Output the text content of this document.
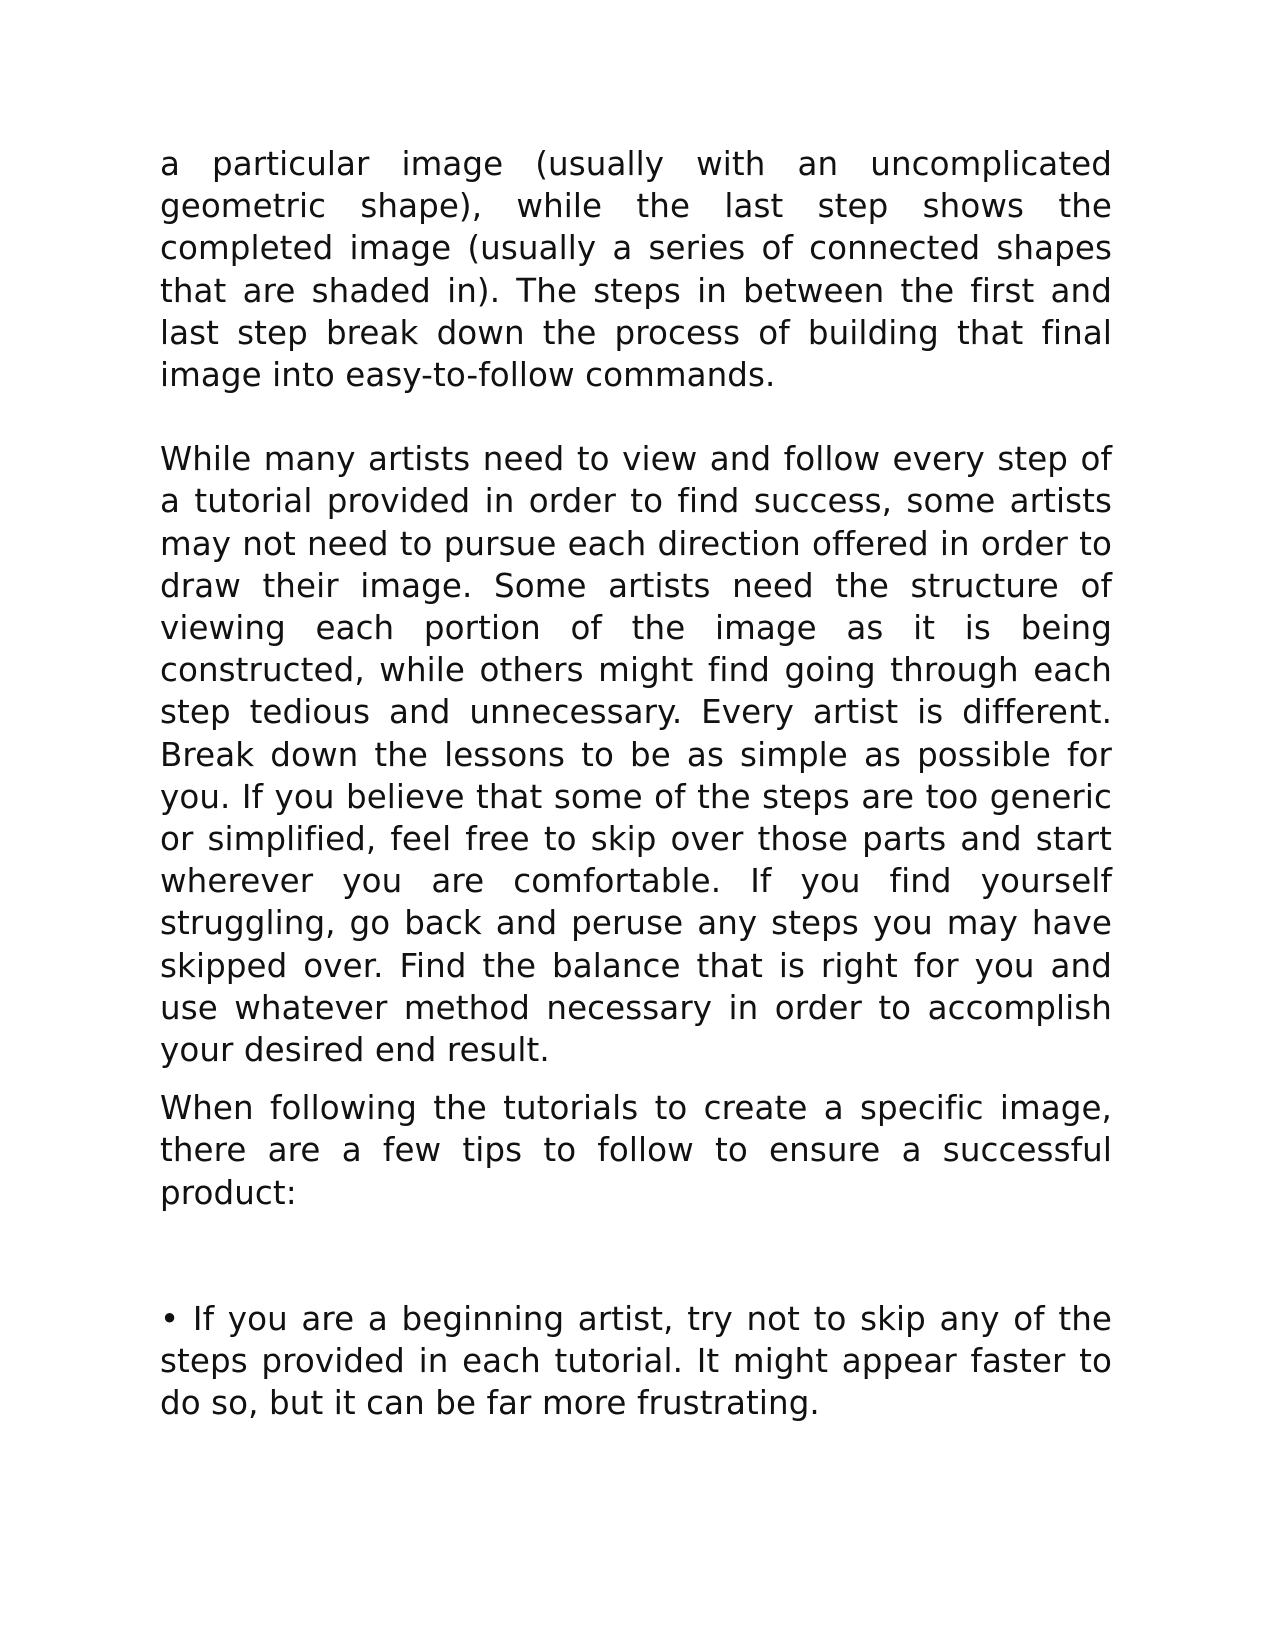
a particular image (usually with an uncomplicated geometric shape), while the last step shows the completed image (usually a series of connected shapes that are shaded in). The steps in between the first and last step break down the process of building that final image into easy-to-follow commands.

While many artists need to view and follow every step of a tutorial provided in order to find success, some artists may not need to pursue each direction offered in order to draw their image. Some artists need the structure of viewing each portion of the image as it is being constructed, while others might find going through each step tedious and unnecessary. Every artist is different. Break down the lessons to be as simple as possible for you. If you believe that some of the steps are too generic or simplified, feel free to skip over those parts and start wherever you are comfortable. If you find yourself struggling, go back and peruse any steps you may have skipped over. Find the balance that is right for you and use whatever method necessary in order to accomplish your desired end result.

When following the tutorials to create a specific image, there are a few tips to follow to ensure a successful product:

• If you are a beginning artist, try not to skip any of the steps provided in each tutorial. It might appear faster to do so, but it can be far more frustrating.
